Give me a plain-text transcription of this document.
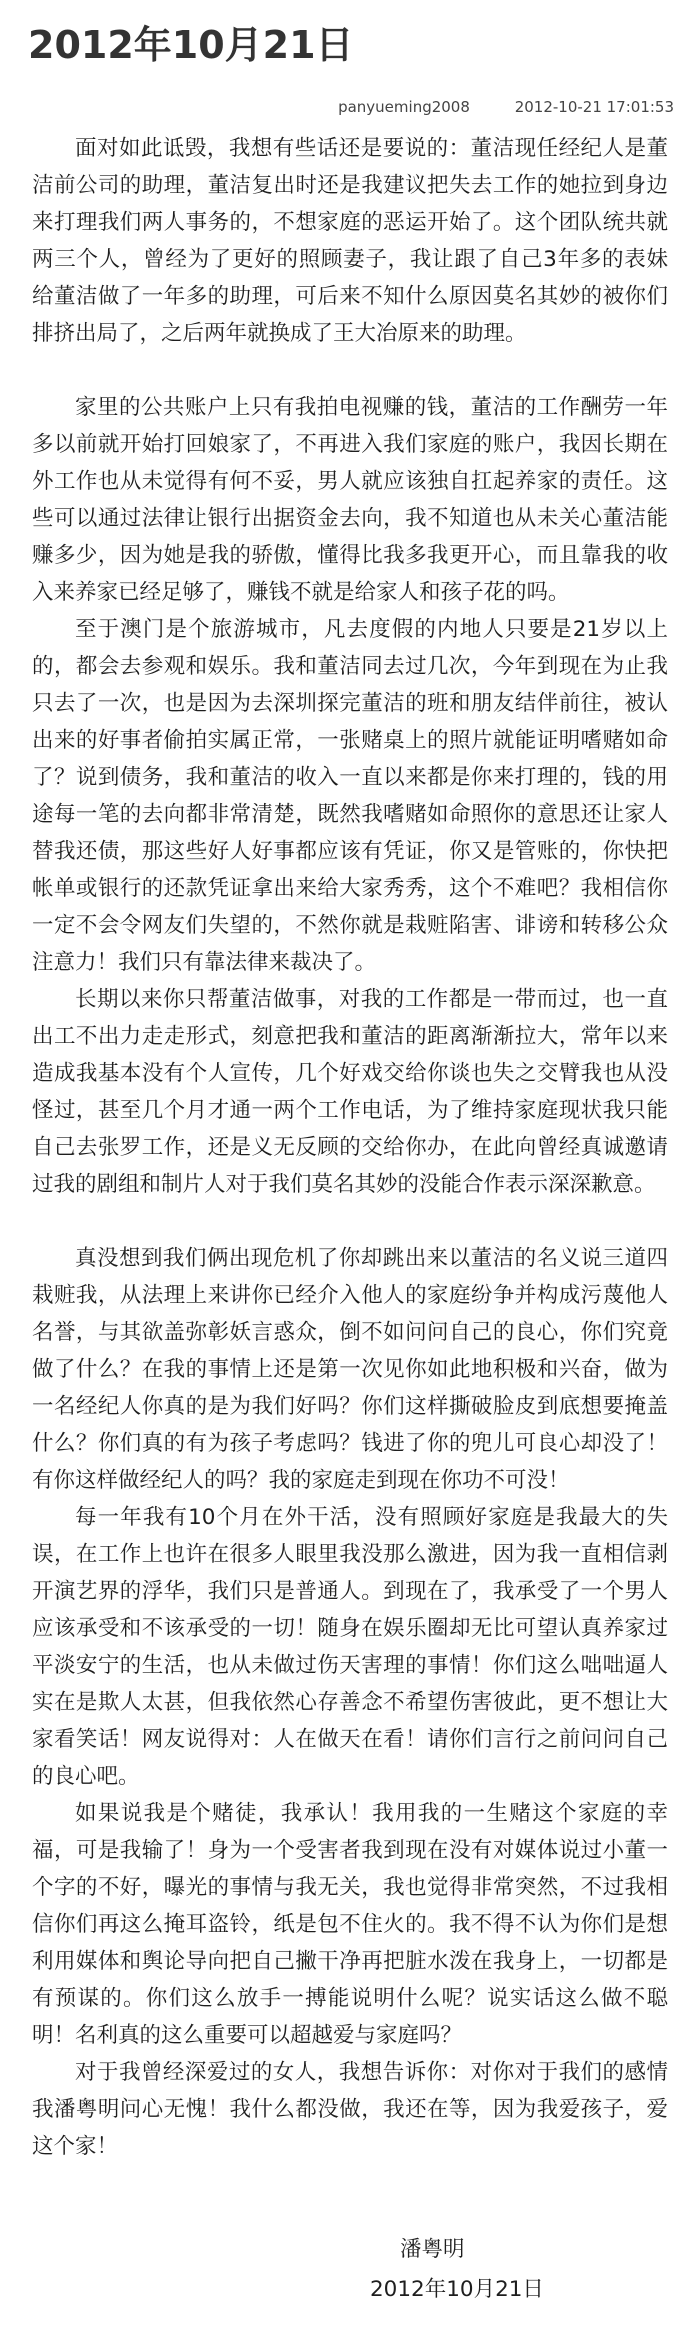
2012年10月21日
panyueming2008	2012-10-21 17:01:53

面对如此诋毁，我想有些话还是要说的：董洁现任经纪人是董洁前公司的助理，董洁复出时还是我建议把失去工作的她拉到身边来打理我们两人事务的，不想家庭的恶运开始了。这个团队统共就两三个人，曾经为了更好的照顾妻子，我让跟了自己3年多的表妹给董洁做了一年多的助理，可后来不知什么原因莫名其妙的被你们排挤出局了，之后两年就换成了王大冶原来的助理。

家里的公共账户上只有我拍电视赚的钱，董洁的工作酬劳一年多以前就开始打回娘家了，不再进入我们家庭的账户，我因长期在外工作也从未觉得有何不妥，男人就应该独自扛起养家的责任。这些可以通过法律让银行出据资金去向，我不知道也从未关心董洁能赚多少，因为她是我的骄傲，懂得比我多我更开心，而且靠我的收入来养家已经足够了，赚钱不就是给家人和孩子花的吗。

至于澳门是个旅游城市，凡去度假的内地人只要是21岁以上的，都会去参观和娱乐。我和董洁同去过几次，今年到现在为止我只去了一次，也是因为去深圳探完董洁的班和朋友结伴前往，被认出来的好事者偷拍实属正常，一张赌桌上的照片就能证明嗜赌如命了？说到债务，我和董洁的收入一直以来都是你来打理的，钱的用途每一笔的去向都非常清楚，既然我嗜赌如命照你的意思还让家人替我还债，那这些好人好事都应该有凭证，你又是管账的，你快把帐单或银行的还款凭证拿出来给大家秀秀，这个不难吧？我相信你一定不会令网友们失望的，不然你就是栽赃陷害、诽谤和转移公众注意力！我们只有靠法律来裁决了。

长期以来你只帮董洁做事，对我的工作都是一带而过，也一直出工不出力走走形式，刻意把我和董洁的距离渐渐拉大，常年以来造成我基本没有个人宣传，几个好戏交给你谈也失之交臂我也从没怪过，甚至几个月才通一两个工作电话，为了维持家庭现状我只能自己去张罗工作，还是义无反顾的交给你办，在此向曾经真诚邀请过我的剧组和制片人对于我们莫名其妙的没能合作表示深深歉意。

真没想到我们俩出现危机了你却跳出来以董洁的名义说三道四栽赃我，从法理上来讲你已经介入他人的家庭纷争并构成污蔑他人名誉，与其欲盖弥彰妖言惑众，倒不如问问自己的良心，你们究竟做了什么？在我的事情上还是第一次见你如此地积极和兴奋，做为一名经纪人你真的是为我们好吗？你们这样撕破脸皮到底想要掩盖什么？你们真的有为孩子考虑吗？钱进了你的兜儿可良心却没了！有你这样做经纪人的吗？我的家庭走到现在你功不可没！

每一年我有10个月在外干活，没有照顾好家庭是我最大的失误，在工作上也许在很多人眼里我没那么激进，因为我一直相信剥开演艺界的浮华，我们只是普通人。到现在了，我承受了一个男人应该承受和不该承受的一切！随身在娱乐圈却无比可望认真养家过平淡安宁的生活，也从未做过伤天害理的事情！你们这么咄咄逼人实在是欺人太甚，但我依然心存善念不希望伤害彼此，更不想让大家看笑话！网友说得对：人在做天在看！请你们言行之前问问自己的良心吧。

如果说我是个赌徒，我承认！我用我的一生赌这个家庭的幸福，可是我输了！身为一个受害者我到现在没有对媒体说过小董一个字的不好，曝光的事情与我无关，我也觉得非常突然，不过我相信你们再这么掩耳盗铃，纸是包不住火的。我不得不认为你们是想利用媒体和舆论导向把自己撇干净再把脏水泼在我身上，一切都是有预谋的。你们这么放手一搏能说明什么呢？说实话这么做不聪明！名利真的这么重要可以超越爱与家庭吗？

对于我曾经深爱过的女人，我想告诉你：对你对于我们的感情我潘粤明问心无愧！我什么都没做，我还在等，因为我爱孩子，爱这个家！

潘粤明
2012年10月21日
